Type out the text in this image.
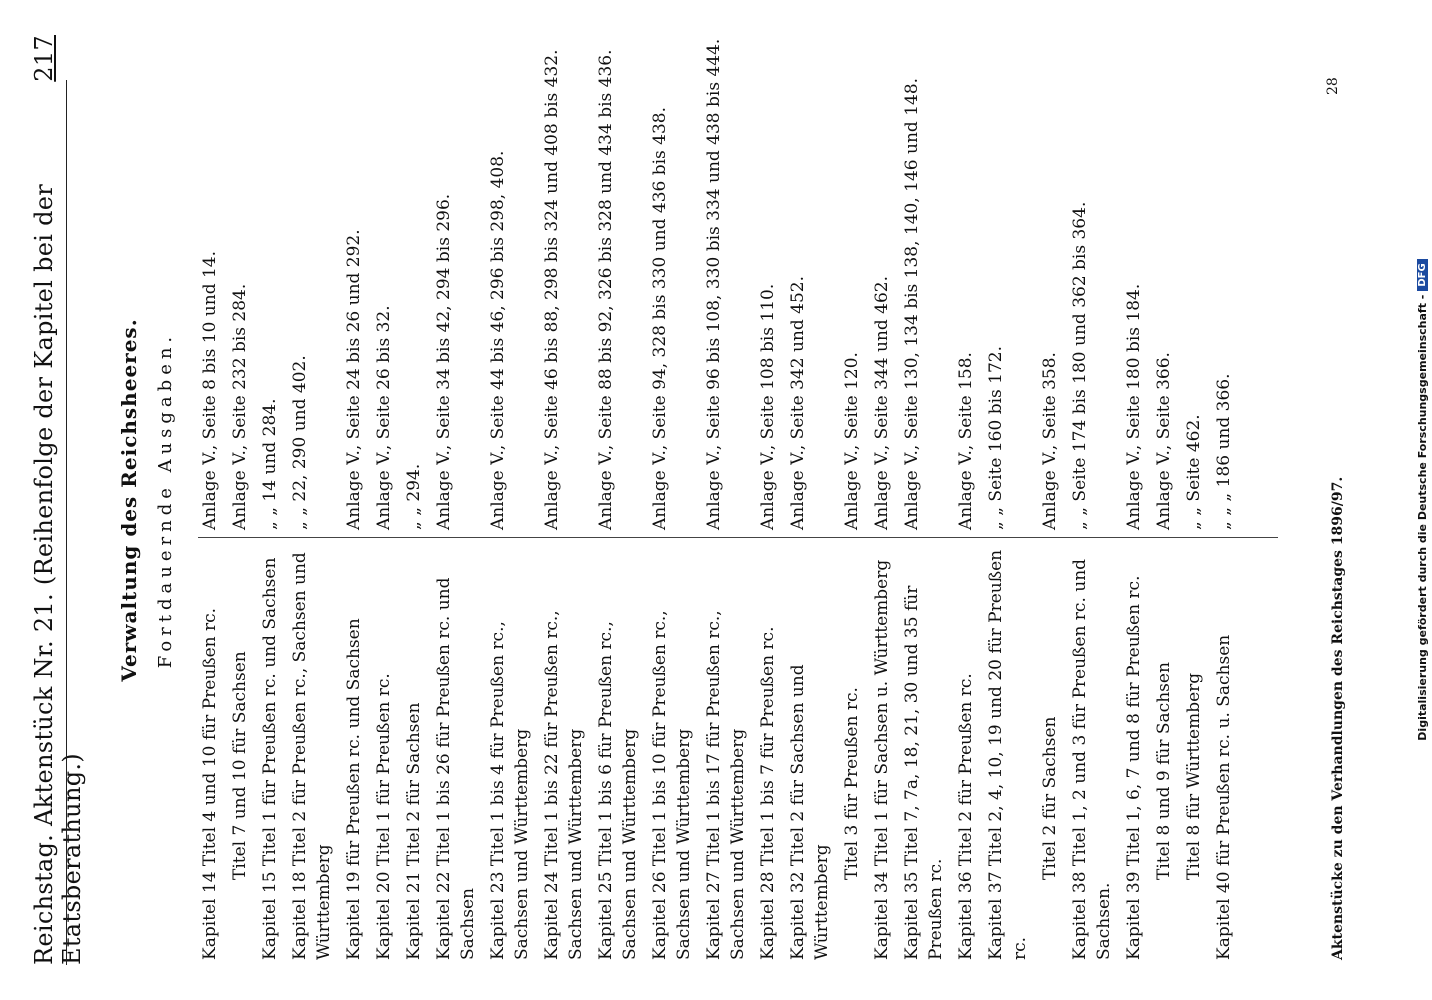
Reichstag. Aktenstück Nr. 21. (Reihenfolge der Kapitel bei der Etatsberathung.)
217
Verwaltung des Reichsheeres. Fortdauernde Ausgaben.
Kapitel 14 Titel 4 und 10 für Preußen rc.
Anlage V., Seite 8 bis 10 und 14.
Titel 7 und 10 für Sachsen
Anlage V., Seite 232 bis 284.
Kapitel 15 Titel 1 für Preußen rc. und Sachsen
„ „ 14 und 284.
Kapitel 18 Titel 2 für Preußen rc., Sachsen und Württemberg
„ „ 22, 290 und 402.
Kapitel 19 für Preußen rc. und Sachsen
Anlage V., Seite 24 bis 26 und 292.
Kapitel 20 Titel 1 für Preußen rc.
Anlage V., Seite 26 bis 32.
Kapitel 21 Titel 2 für Sachsen
„ „ 294.
Kapitel 22 Titel 1 bis 26 für Preußen rc. und Sachsen
Anlage V., Seite 34 bis 42, 294 bis 296.
Kapitel 23 Titel 1 bis 4 für Preußen rc., Sachsen und Württemberg
Anlage V., Seite 44 bis 46, 296 bis 298, 408.
Kapitel 24 Titel 1 bis 22 für Preußen rc., Sachsen und Württemberg
Anlage V., Seite 46 bis 88, 298 bis 324 und 408 bis 432.
Kapitel 25 Titel 1 bis 6 für Preußen rc., Sachsen und Württemberg
Anlage V., Seite 88 bis 92, 326 bis 328 und 434 bis 436.
Kapitel 26 Titel 1 bis 10 für Preußen rc., Sachsen und Württemberg
Anlage V., Seite 94, 328 bis 330 und 436 bis 438.
Kapitel 27 Titel 1 bis 17 für Preußen rc., Sachsen und Württemberg
Anlage V., Seite 96 bis 108, 330 bis 334 und 438 bis 444.
Kapitel 28 Titel 1 bis 7 für Preußen rc.
Anlage V., Seite 108 bis 110.
Kapitel 32 Titel 2 für Sachsen und Württemberg
Anlage V., Seite 342 und 452.
Titel 3 für Preußen rc.
Anlage V., Seite 120.
Kapitel 34 Titel 1 für Sachsen u. Württemberg
Anlage V., Seite 344 und 462.
Kapitel 35 Titel 7, 7a, 18, 21, 30 und 35 für Preußen rc.
Anlage V., Seite 130, 134 bis 138, 140, 146 und 148.
Kapitel 36 Titel 2 für Preußen rc.
Anlage V., Seite 158.
Kapitel 37 Titel 2, 4, 10, 19 und 20 für Preußen rc.
„ „ Seite 160 bis 172.
Titel 2 für Sachsen
Anlage V., Seite 358.
Kapitel 38 Titel 1, 2 und 3 für Preußen rc. und Sachsen.
„ „ Seite 174 bis 180 und 362 bis 364.
Kapitel 39 Titel 1, 6, 7 und 8 für Preußen rc.
Anlage V., Seite 180 bis 184.
Titel 8 und 9 für Sachsen
Anlage V., Seite 366.
Titel 8 für Württemberg
„ „ Seite 462.
Kapitel 40 für Preußen rc. u. Sachsen
„ „ „ 186 und 366.
Aktenstücke zu den Verhandlungen des Reichstages 1896/97.
28
Digitalisierung gefördert durch die Deutsche Forschungsgemeinschaft -
DFG
